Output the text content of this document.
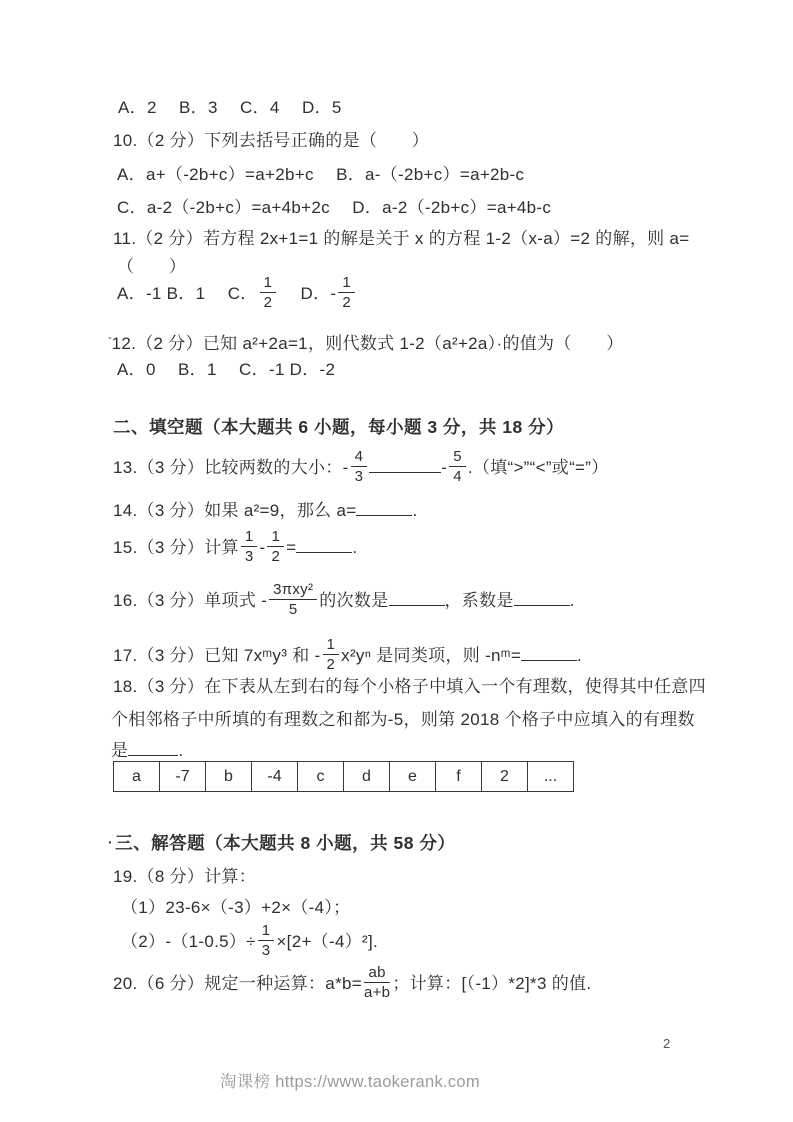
A．2　 B．3　 C．4　 D．5
10.（2 分）下列去括号正确的是（　　）
A．a+（-2b+c）=a+2b+c　 B．a-（-2b+c）=a+2b-c
C．a-2（-2b+c）=a+4b+2c　 D．a-2（-2b+c）=a+4b-c
11.（2 分）若方程 2x+1=1 的解是关于 x 的方程 1-2（x-a）=2 的解，则 a=
（　　）
A．-1 B．1　 C． $\frac{1}{2}$ 　 D．- $\frac{1}{2}$
-12.（2 分）已知 a²+2a=1，则代数式 1-2（a²+2a）·的值为（　　）
A．0　 B．1　 C．-1 D．-2
二、填空题（本大题共 6 小题，每小题 3 分，共 18 分）
13.（3 分）比较两数的大小：- $\frac{4}{3}$	- $\frac{5}{4}$ .（填“>”“<”或“=”）
14.（3 分）如果 a²=9，那么 a=	.
15.（3 分）计算 $\frac{1}{3} - \frac{1}{2}$ =	.
16.（3 分）单项式 - $\frac{\text{3πxy²}}{5}$ 的次数是	，系数是	.
17.（3 分）已知 7xᵐy³ 和 - $\frac{1}{2} x^2y^n$ 是同类项，则 -nᵐ=	.
18.（3 分）在下表从左到右的每个小格子中填入一个有理数，使得其中任意四
个相邻格子中所填的有理数之和都为-5，则第 2018 个格子中应填入的有理数
是	.
a	-7	b	-4	c	d	e	f	2	...
· 三、解答题（本大题共 8 小题，共 58 分）
19.（8 分）计算：
（1）23-6×（-3）+2×（-4）；
$(2)-(1-0.5)\div \frac{1}{3} \times[2+(-4)^2]$.
20.（6 分）规定一种运算：$a*b= \frac{ab}{a+b}$ ；计算：[（-1）*2]*3 的值.
2
淘课榜 https://www.taokerank.com
